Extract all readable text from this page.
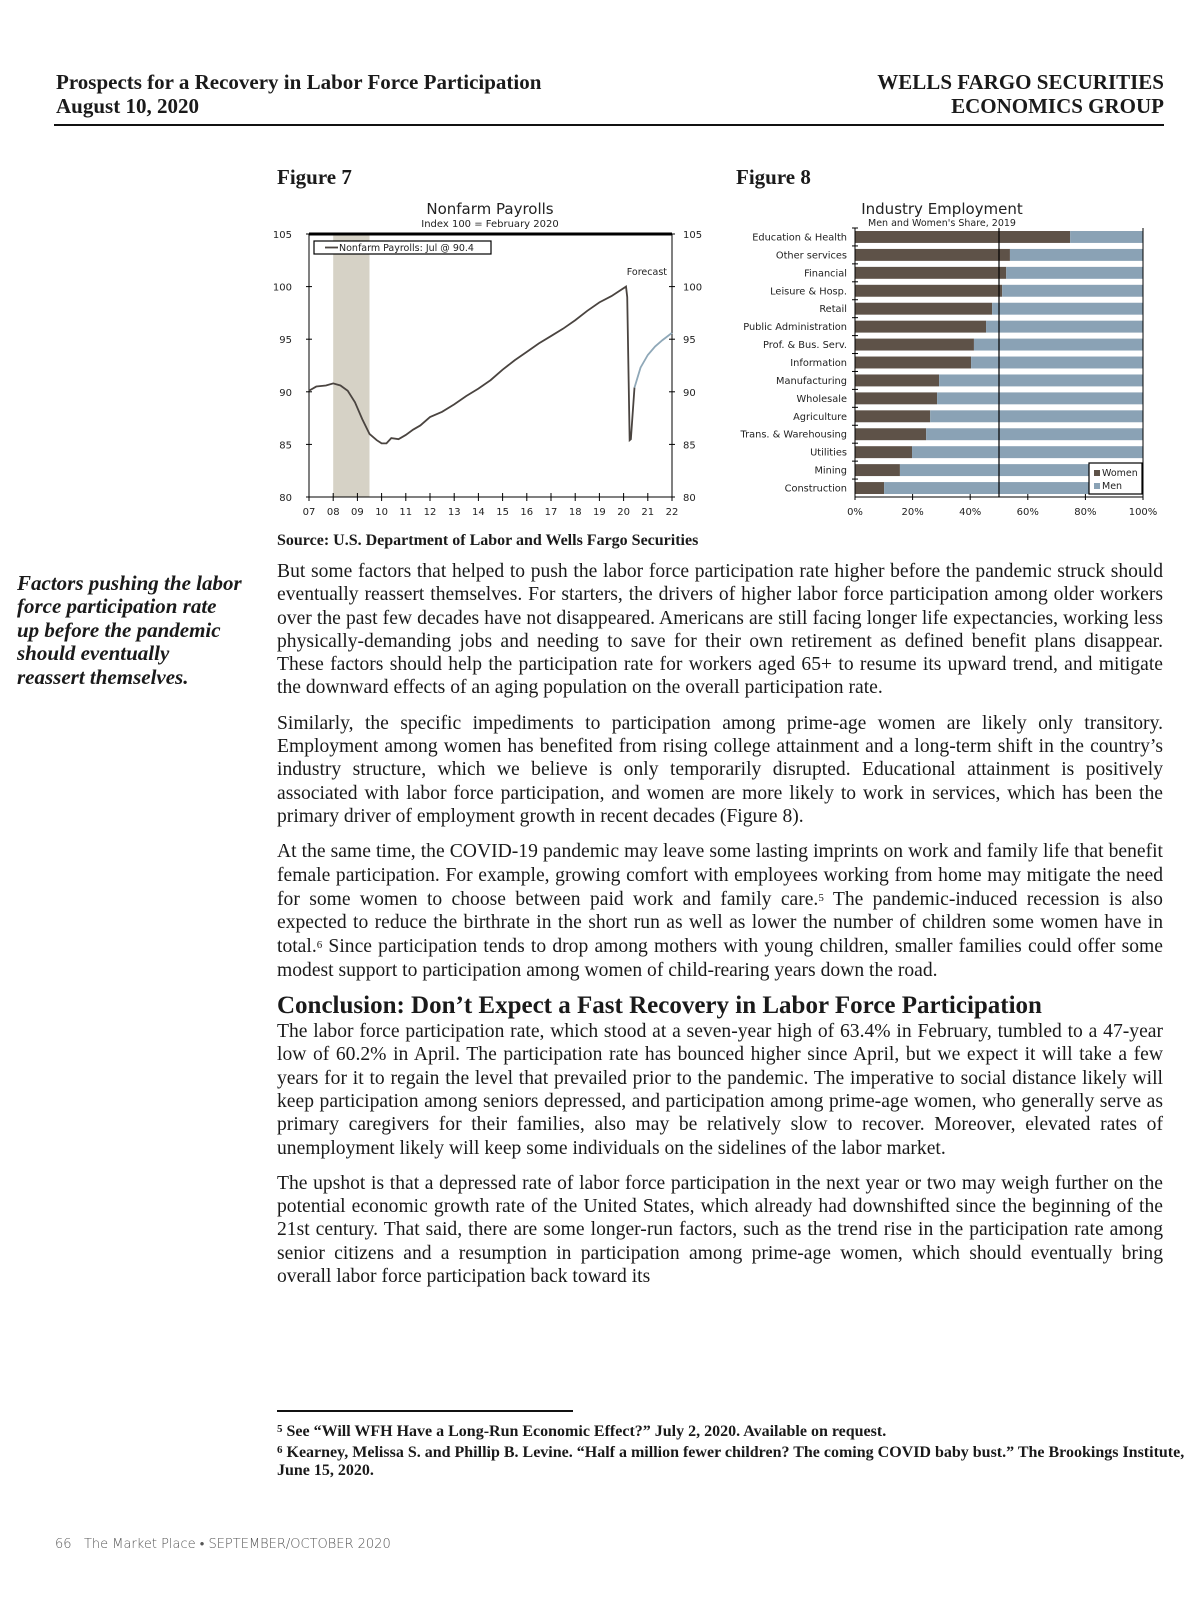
Prospects for a Recovery in Labor Force Participation
August 10, 2020
WELLS FARGO SECURITIES
ECONOMICS GROUP
Figure 7	Figure 8
Nonfarm Payrolls
Index 100 = February 2020
80	80
85	85
90	90
95	95
100	100
105	105
07 08 09 10 11 12 13 14 15 16 17 18 19 20 21 22
Nonfarm Payrolls: Jul @ 90.4
Forecast
Industry Employment
Men and Women's Share, 2019
Education & Health
Other services
Financial
Leisure & Hosp.
Retail
Public Administration
Prof. & Bus. Serv.
Information
Manufacturing
Wholesale
Agriculture
Trans. & Warehousing
Utilities
Mining
Construction
0%	20%	40%	60%	80%	100%
Women
Men
Source: U.S. Department of Labor and Wells Fargo Securities
Factors pushing the labor force participation rate up before the pandemic should eventually reassert themselves.

But some factors that helped to push the labor force participation rate higher before the pandemic struck should eventually reassert themselves. For starters, the drivers of higher labor force participation among older workers over the past few decades have not disappeared. Americans are still facing longer life expectancies, working less physically-demanding jobs and needing to save for their own retirement as defined benefit plans disappear. These factors should help the participation rate for workers aged 65+ to resume its upward trend, and mitigate the downward effects of an aging population on the overall participation rate.

Similarly, the specific impediments to participation among prime-age women are likely only transitory. Employment among women has benefited from rising college attainment and a long-term shift in the country’s industry structure, which we believe is only temporarily disrupted. Educational attainment is positively associated with labor force participation, and women are more likely to work in services, which has been the primary driver of employment growth in recent decades (Figure 8).

At the same time, the COVID-19 pandemic may leave some lasting imprints on work and family life that benefit female participation. For example, growing comfort with employees working from home may mitigate the need for some women to choose between paid work and family care.$^5$ The pandemic-induced recession is also expected to reduce the birthrate in the short run as well as lower the number of children some women have in total.$^6$ Since participation tends to drop among mothers with young children, smaller families could offer some modest support to participation among women of child-rearing years down the road.

Conclusion: Don’t Expect a Fast Recovery in Labor Force Participation

The labor force participation rate, which stood at a seven-year high of 63.4% in February, tumbled to a 47-year low of 60.2% in April. The participation rate has bounced higher since April, but we expect it will take a few years for it to regain the level that prevailed prior to the pandemic. The imperative to social distance likely will keep participation among seniors depressed, and participation among prime-age women, who generally serve as primary caregivers for their families, also may be relatively slow to recover. Moreover, elevated rates of unemployment likely will keep some individuals on the sidelines of the labor market.

The upshot is that a depressed rate of labor force participation in the next year or two may weigh further on the potential economic growth rate of the United States, which already had downshifted since the beginning of the 21st century. That said, there are some longer-run factors, such as the trend rise in the participation rate among senior citizens and a resumption in participation among prime-age women, which should eventually bring overall labor force participation back toward its

$^5$ See “Will WFH Have a Long-Run Economic Effect?” July 2, 2020. Available on request.
$^6$ Kearney, Melissa S. and Phillip B. Levine. “Half a million fewer children? The coming COVID baby bust.” The Brookings Institute, June 15, 2020.
66   The Market Place • SEPTEMBER/OCTOBER 2020
